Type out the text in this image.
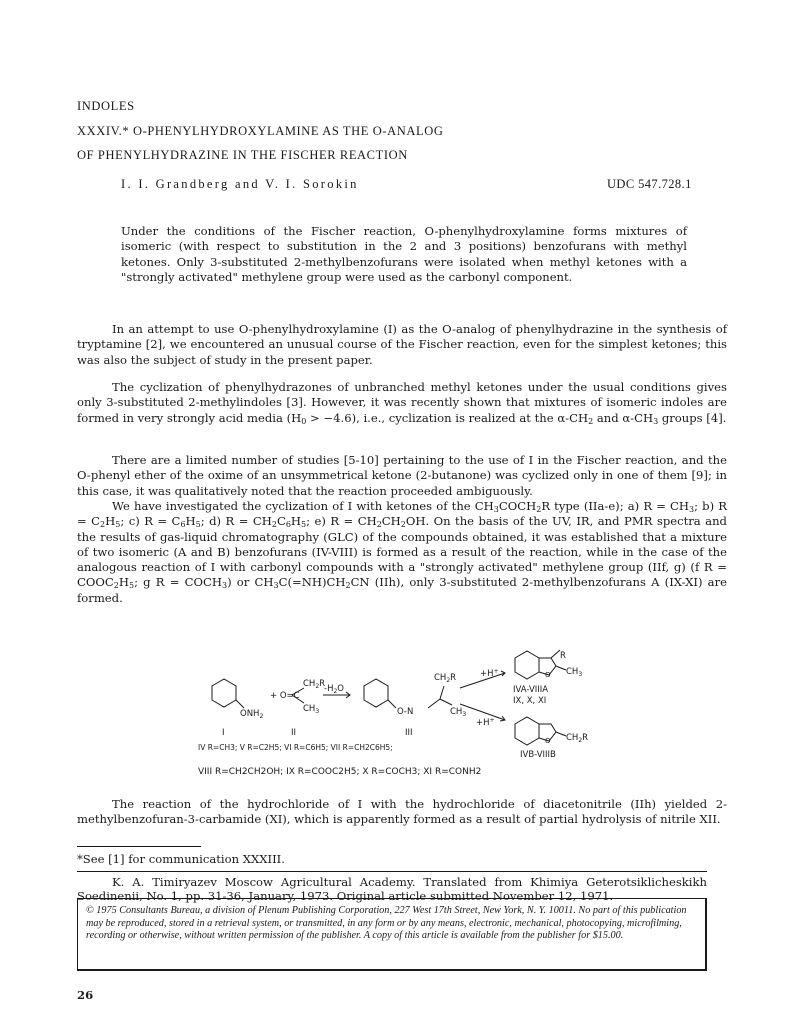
INDOLES
XXXIV.* O-PHENYLHYDROXYLAMINE AS THE O-ANALOG
OF PHENYLHYDRAZINE IN THE FISCHER REACTION
I. I. Grandberg and V. I. Sorokin	UDC 547.728.1
Under the conditions of the Fischer reaction, O-phenylhydroxylamine forms mixtures of isomeric (with respect to substitution in the 2 and 3 positions) benzofurans with methyl ketones. Only 3-substituted 2-methylbenzofurans were isolated when methyl ketones with a "strongly activated" methylene group were used as the carbonyl component.

In an attempt to use O-phenylhydroxylamine (I) as the O-analog of phenylhydrazine in the synthesis of tryptamine [2], we encountered an unusual course of the Fischer reaction, even for the simplest ketones; this was also the subject of study in the present paper.

The cyclization of phenylhydrazones of unbranched methyl ketones under the usual conditions gives only 3-substituted 2-methylindoles [3]. However, it was recently shown that mixtures of isomeric indoles are formed in very strongly acid media $(H_0 > -4.6)$, i.e., cyclization is realized at the $\alpha-CH_2$ and $\alpha-CH_3$ groups [4].

There are a limited number of studies [5-10] pertaining to the use of I in the Fischer reaction, and the O-phenyl ether of the oxime of an unsymmetrical ketone (2-butanone) was cyclized only in one of them [9]; in this case, it was qualitatively noted that the reaction proceeded ambiguously.

We have investigated the cyclization of I with ketones of the $CH_3COCH_2R$ type (IIa-e); a) $R = CH_3$; b) $R = C_2H_5$; c) $R = C_6H_5$; d) $R = CH_2C_6H_5$; e) $R = CH_2CH_2OH$. On the basis of the UV, IR, and PMR spectra and the results of gas-liquid chromatography (GLC) of the compounds obtained, it was established that a mixture of two isomeric (A and B) benzofurans (IV-VIII) is formed as a result of the reaction, while in the case of the analogous reaction of I with carbonyl compounds with a "strongly activated" methylene group (IIf, g) (f $R = COOC_2H_5$; g $R = COCH_3$) or $CH_3C(=NH)CH_2CN$ (IIh), only 3-substituted 2-methylbenzofurans A (IX-XI) are formed.

$ONH_2$
+ O=C
$CH_2R$
$CH_3$
$-H_2O$
O-N
$CH_2R$
$CH_3$
+H+
+H+
R
O $CH_3$
O $CH_2R$
IVA-VIIIA
IX, X, XI
IVB-VIIIB
I	II	III
IV R=CH3; V R=C2H5; VI R=C6H5; VII R=CH2C6H5;
VIII R=CH2CH2OH; IX R=COOC2H5; X R=COCH3; XI R=CONH2

The reaction of the hydrochloride of I with the hydrochloride of diacetonitrile (IIh) yielded 2-methylbenzofuran-3-carbamide (XI), which is apparently formed as a result of partial hydrolysis of nitrile XII.

*See [1] for communication XXXIII.
K. A. Timiryazev Moscow Agricultural Academy. Translated from Khimiya Geterotsiklicheskikh Soedinenii, No. 1, pp. 31-36, January, 1973. Original article submitted November 12, 1971.
© 1975 Consultants Bureau, a division of Plenum Publishing Corporation, 227 West 17th Street, New York, N. Y. 10011. No part of this publication may be reproduced, stored in a retrieval system, or transmitted, in any form or by any means, electronic, mechanical, photocopying, microfilming, recording or otherwise, without written permission of the publisher. A copy of this article is available from the publisher for $15.00.
26
